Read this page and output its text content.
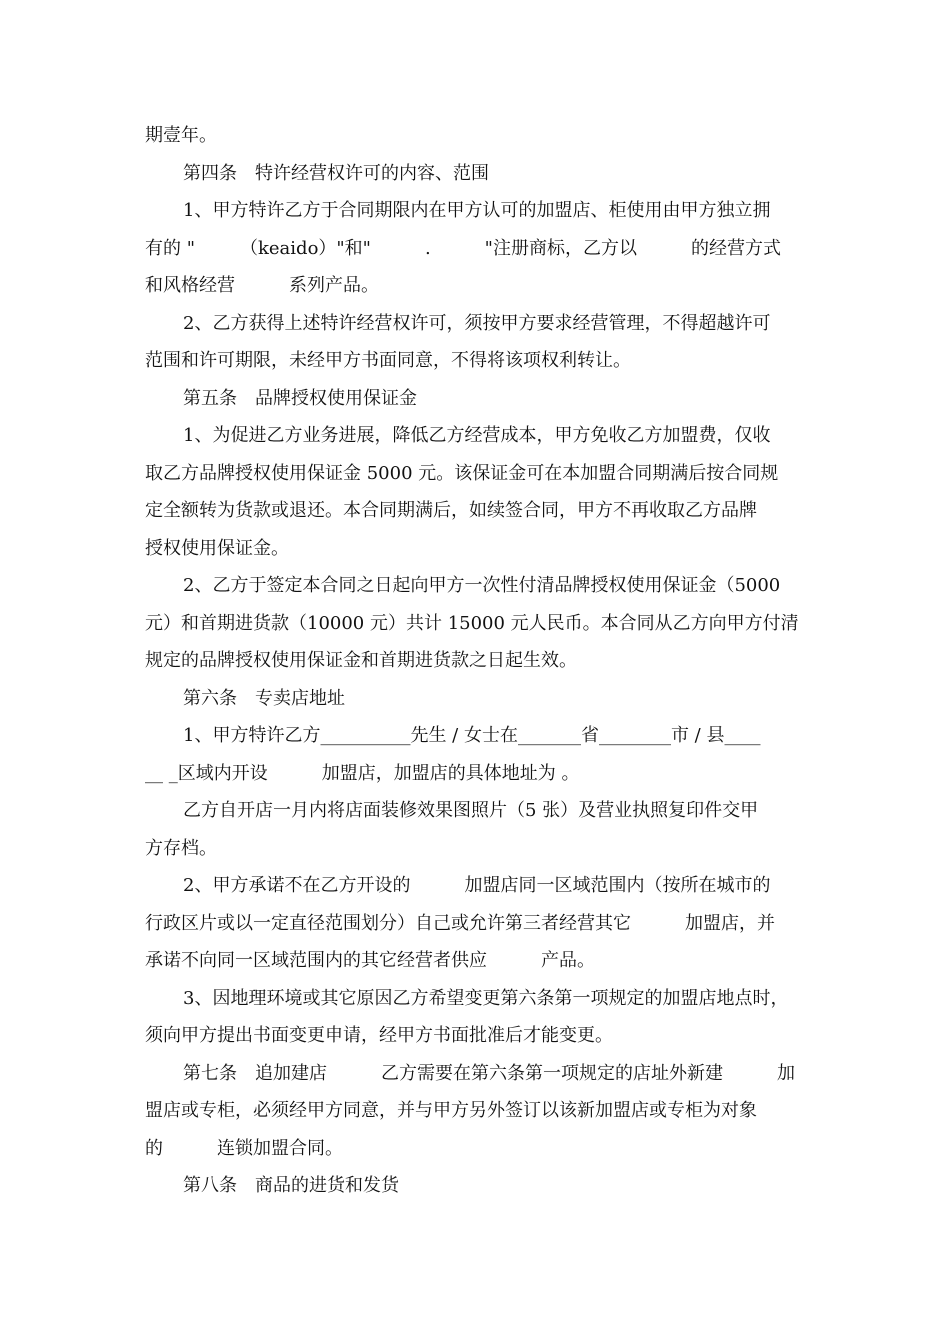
期壹年。
第四条　特许经营权许可的内容、范围
1、甲方特许乙方于合同期限内在甲方认可的加盟店、柜使用由甲方独立拥
有的 "　　　（keaido）"和"　　　.　　　"注册商标，乙方以　　　的经营方式
和风格经营　　　系列产品。
2、乙方获得上述特许经营权许可，须按甲方要求经营管理，不得超越许可
范围和许可期限，未经甲方书面同意，不得将该项权利转让。
第五条　品牌授权使用保证金
1、为促进乙方业务进展，降低乙方经营成本，甲方免收乙方加盟费，仅收
取乙方品牌授权使用保证金 5000 元。该保证金可在本加盟合同期满后按合同规
定全额转为货款或退还。本合同期满后，如续签合同，甲方不再收取乙方品牌
授权使用保证金。
2、乙方于签定本合同之日起向甲方一次性付清品牌授权使用保证金（5000
元）和首期进货款（10000 元）共计 15000 元人民币。本合同从乙方向甲方付清
规定的品牌授权使用保证金和首期进货款之日起生效。
第六条　专卖店地址
1、甲方特许乙方__________先生 / 女士在_______省________市 / 县____
__ _区域内开设　　　加盟店，加盟店的具体地址为 。
乙方自开店一月内将店面装修效果图照片（5 张）及营业执照复印件交甲
方存档。
2、甲方承诺不在乙方开设的　　　加盟店同一区域范围内（按所在城市的
行政区片或以一定直径范围划分）自己或允许第三者经营其它　　　加盟店，并
承诺不向同一区域范围内的其它经营者供应　　　产品。
3、因地理环境或其它原因乙方希望变更第六条第一项规定的加盟店地点时，
须向甲方提出书面变更申请，经甲方书面批准后才能变更。
第七条　追加建店　　　乙方需要在第六条第一项规定的店址外新建　　　加
盟店或专柜，必须经甲方同意，并与甲方另外签订以该新加盟店或专柜为对象
的　　　连锁加盟合同。
第八条　商品的进货和发货
